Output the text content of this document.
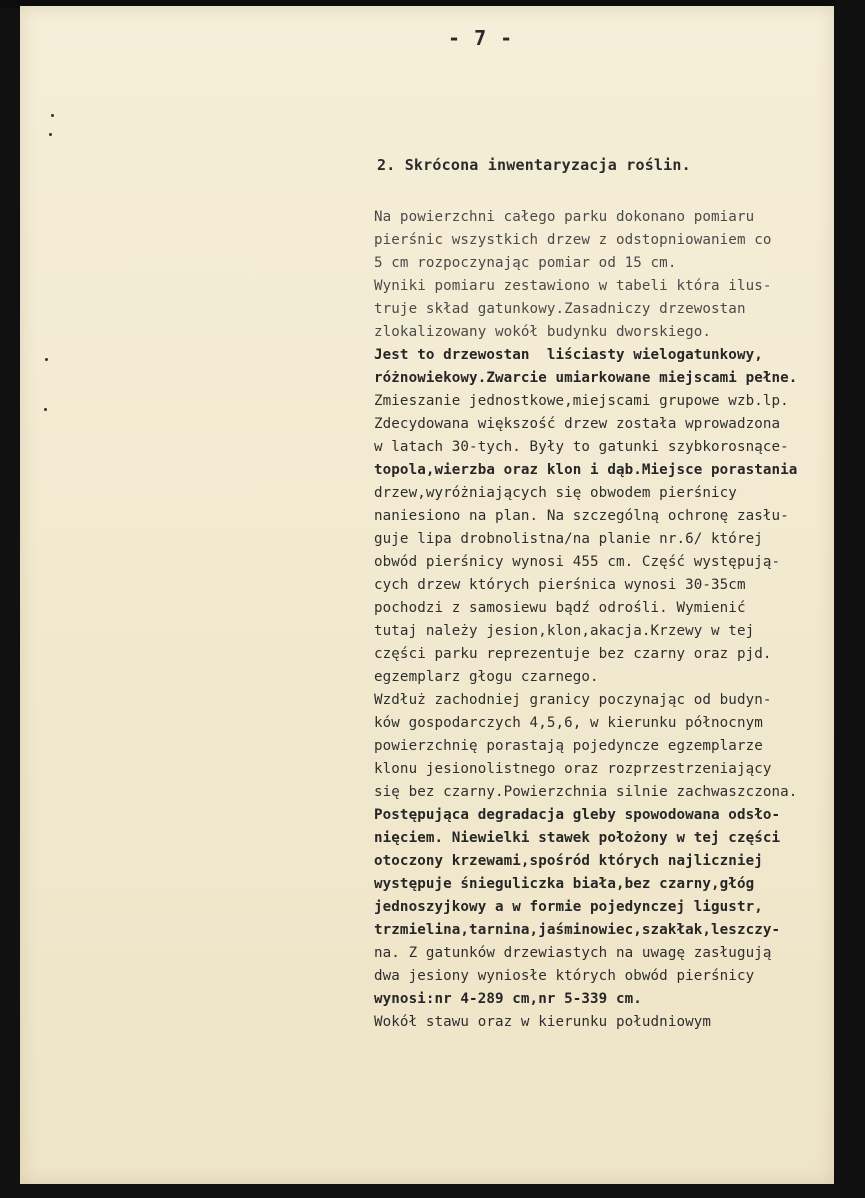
- 7 -
2. Skrócona inwentaryzacja roślin.
Na powierzchni całego parku dokonano pomiaru
pierśnic wszystkich drzew z odstopniowaniem co
5 cm rozpoczynając pomiar od 15 cm.
Wyniki pomiaru zestawiono w tabeli która ilus-
truje skład gatunkowy.Zasadniczy drzewostan
zlokalizowany wokół budynku dworskiego.
Jest to drzewostan  liściasty wielogatunkowy,
różnowiekowy.Zwarcie umiarkowane miejscami pełne.
Zmieszanie jednostkowe,miejscami grupowe wzb.lp.
Zdecydowana większość drzew została wprowadzona
w latach 30-tych. Były to gatunki szybkorosnące-
topola,wierzba oraz klon i dąb.Miejsce porastania
drzew,wyróżniających się obwodem pierśnicy
naniesiono na plan. Na szczególną ochronę zasłu-
guje lipa drobnolistna/na planie nr.6/ której
obwód pierśnicy wynosi 455 cm. Część występują-
cych drzew których pierśnica wynosi 30-35cm
pochodzi z samosiewu bądź odrośli. Wymienić
tutaj należy jesion,klon,akacja.Krzewy w tej
części parku reprezentuje bez czarny oraz pjd.
egzemplarz głogu czarnego.
Wzdłuż zachodniej granicy poczynając od budyn-
ków gospodarczych 4,5,6, w kierunku północnym
powierzchnię porastają pojedyncze egzemplarze
klonu jesionolistnego oraz rozprzestrzeniający
się bez czarny.Powierzchnia silnie zachwaszczona.
Postępująca degradacja gleby spowodowana odsło-
nięciem. Niewielki stawek położony w tej części
otoczony krzewami,spośród których najliczniej
występuje śnieguliczka biała,bez czarny,głóg
jednoszyjkowy a w formie pojedynczej ligustr,
trzmielina,tarnina,jaśminowiec,szakłak,leszczy-
na. Z gatunków drzewiastych na uwagę zasługują
dwa jesiony wyniosłe których obwód pierśnicy
wynosi:nr 4-289 cm,nr 5-339 cm.
Wokół stawu oraz w kierunku południowym
